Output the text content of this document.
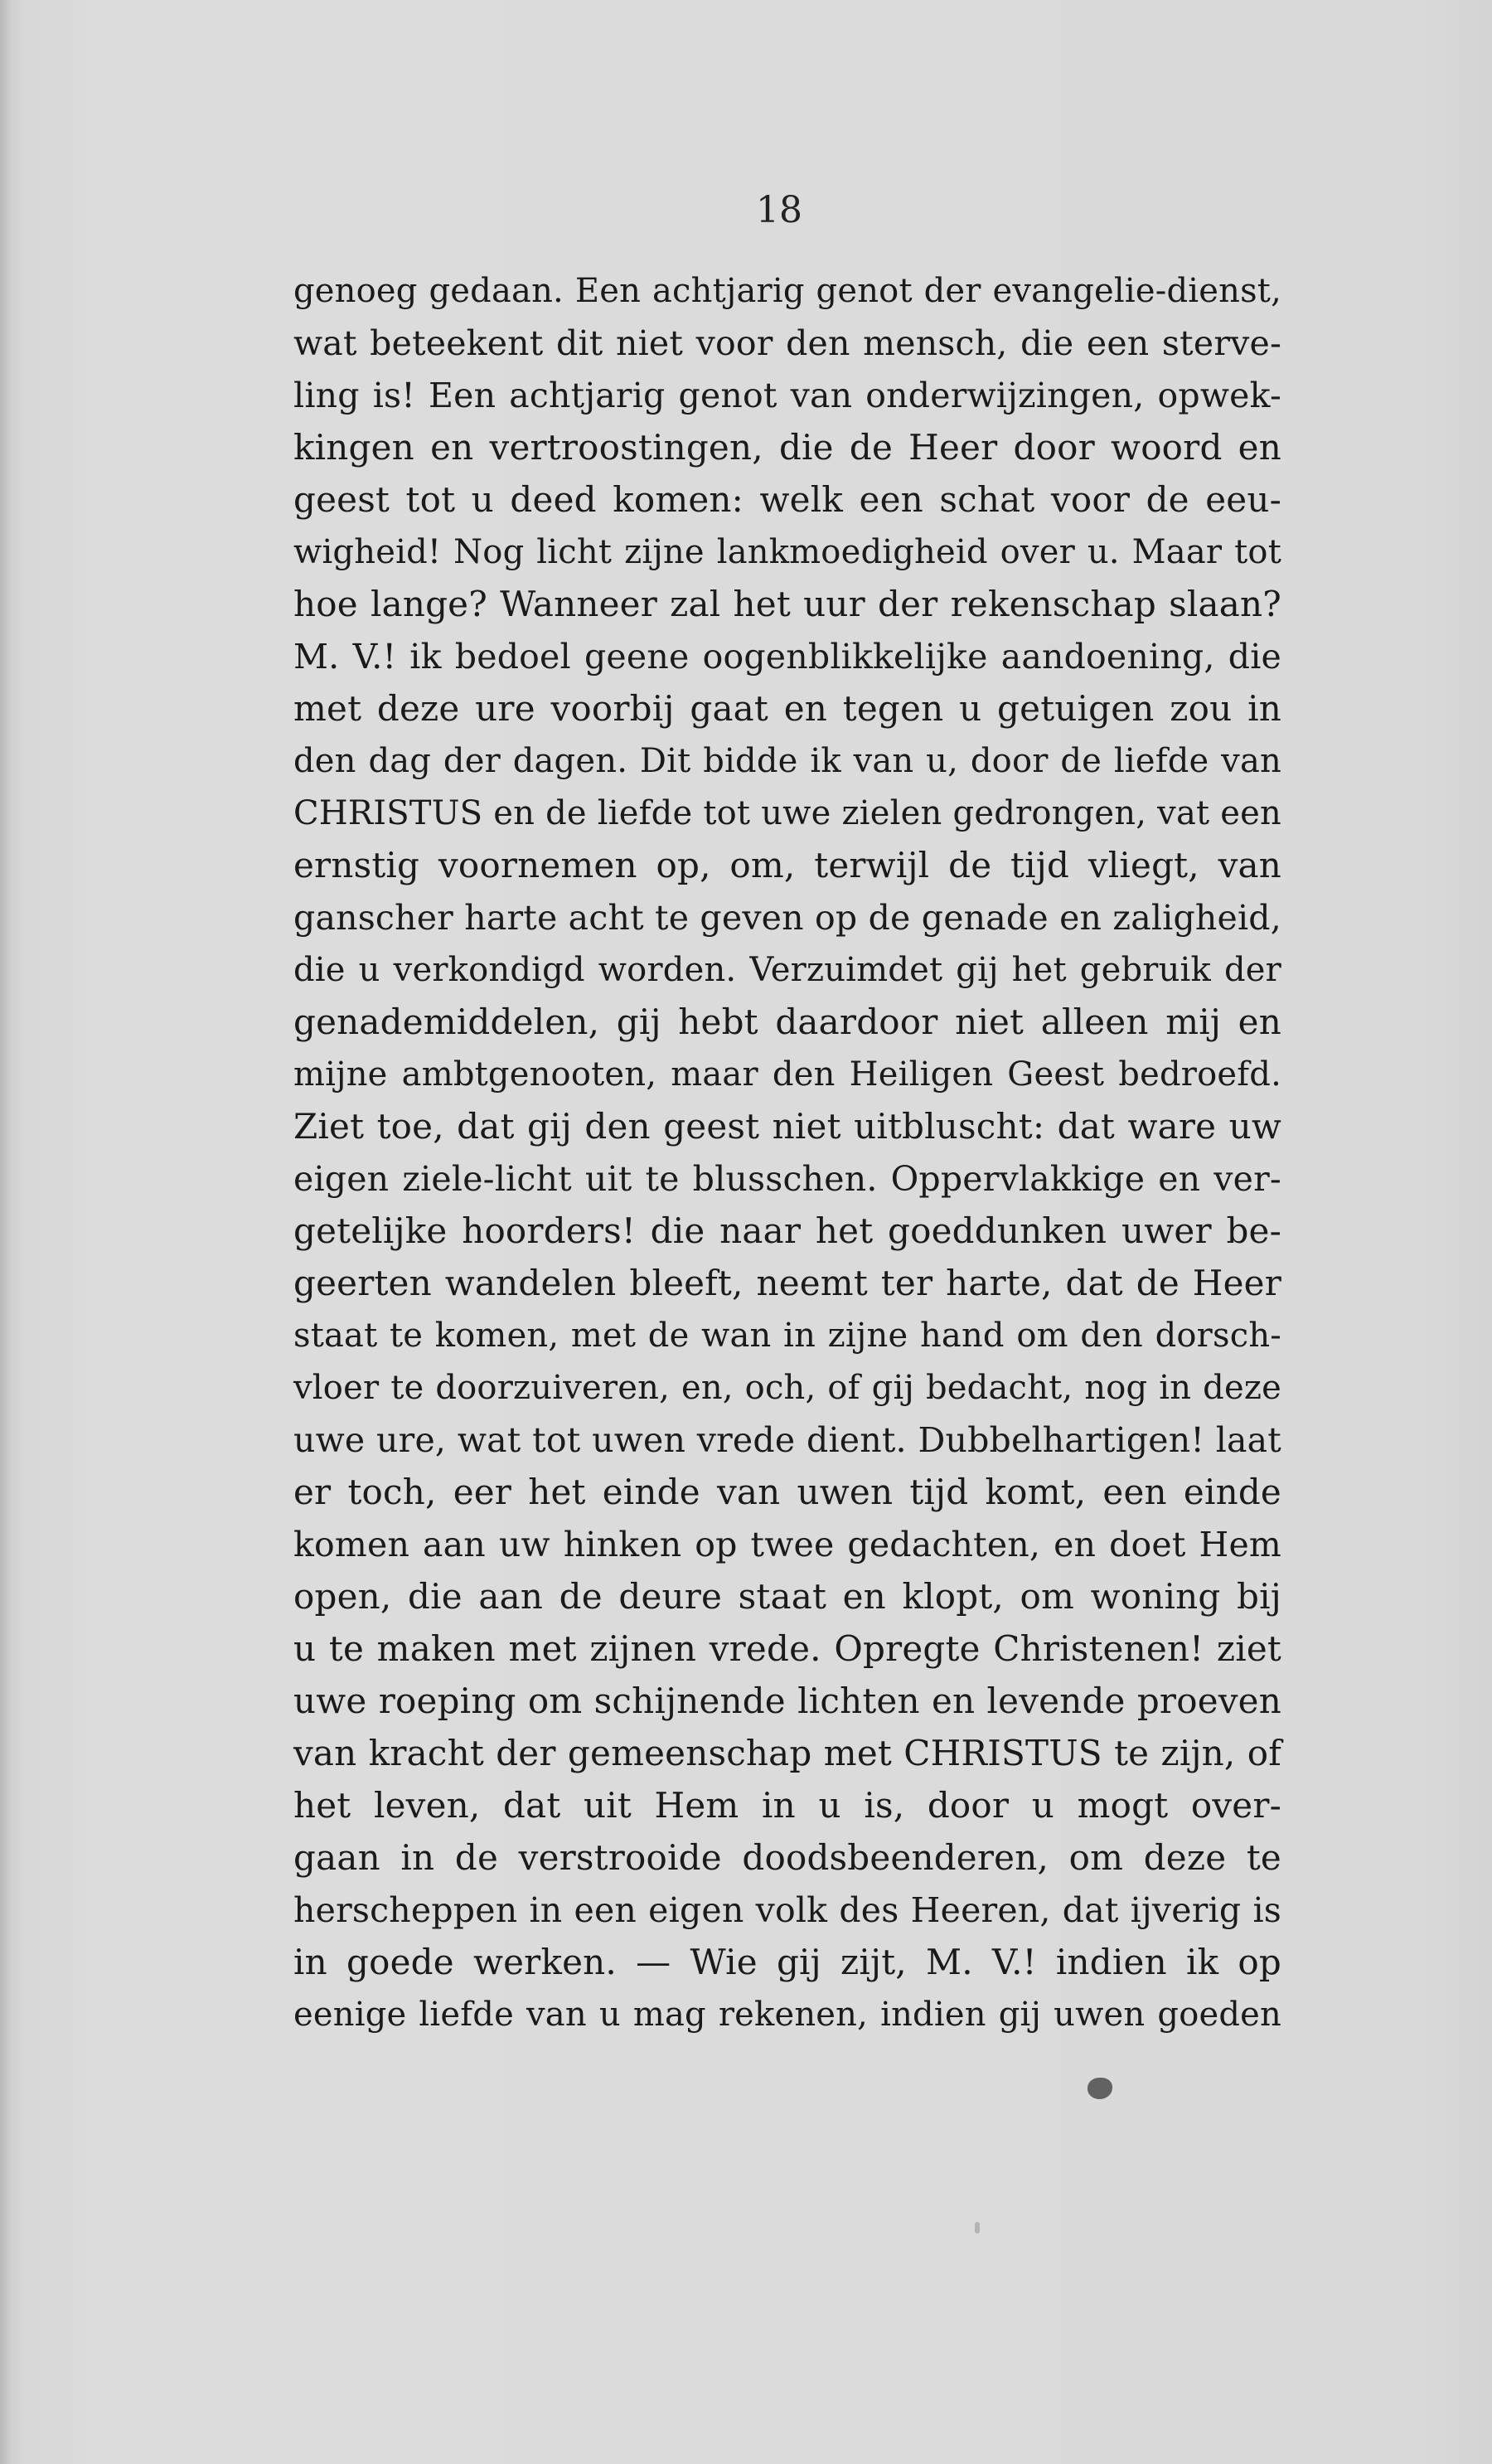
18
genoeg gedaan. Een achtjarig genot der evangelie-dienst,
wat beteekent dit niet voor den mensch, die een sterve-
ling is! Een achtjarig genot van onderwijzingen, opwek-
kingen en vertroostingen, die de Heer door woord en
geest tot u deed komen: welk een schat voor de eeu-
wigheid! Nog licht zijne lankmoedigheid over u. Maar tot
hoe lange? Wanneer zal het uur der rekenschap slaan?
M. V.! ik bedoel geene oogenblikkelijke aandoening, die
met deze ure voorbij gaat en tegen u getuigen zou in
den dag der dagen. Dit bidde ik van u, door de liefde van
CHRISTUS en de liefde tot uwe zielen gedrongen, vat een
ernstig voornemen op, om, terwijl de tijd vliegt, van
ganscher harte acht te geven op de genade en zaligheid,
die u verkondigd worden. Verzuimdet gij het gebruik der
genademiddelen, gij hebt daardoor niet alleen mij en
mijne ambtgenooten, maar den Heiligen Geest bedroefd.
Ziet toe, dat gij den geest niet uitbluscht: dat ware uw
eigen ziele-licht uit te blusschen. Oppervlakkige en ver-
getelijke hoorders! die naar het goeddunken uwer be-
geerten wandelen bleeft, neemt ter harte, dat de Heer
staat te komen, met de wan in zijne hand om den dorsch-
vloer te doorzuiveren, en, och, of gij bedacht, nog in deze
uwe ure, wat tot uwen vrede dient. Dubbelhartigen! laat
er toch, eer het einde van uwen tijd komt, een einde
komen aan uw hinken op twee gedachten, en doet Hem
open, die aan de deure staat en klopt, om woning bij
u te maken met zijnen vrede. Opregte Christenen! ziet
uwe roeping om schijnende lichten en levende proeven
van kracht der gemeenschap met CHRISTUS te zijn, of
het leven, dat uit Hem in u is, door u mogt over-
gaan in de verstrooide doodsbeenderen, om deze te
herscheppen in een eigen volk des Heeren, dat ijverig is
in goede werken. — Wie gij zijt, M. V.! indien ik op
eenige liefde van u mag rekenen, indien gij uwen goeden
